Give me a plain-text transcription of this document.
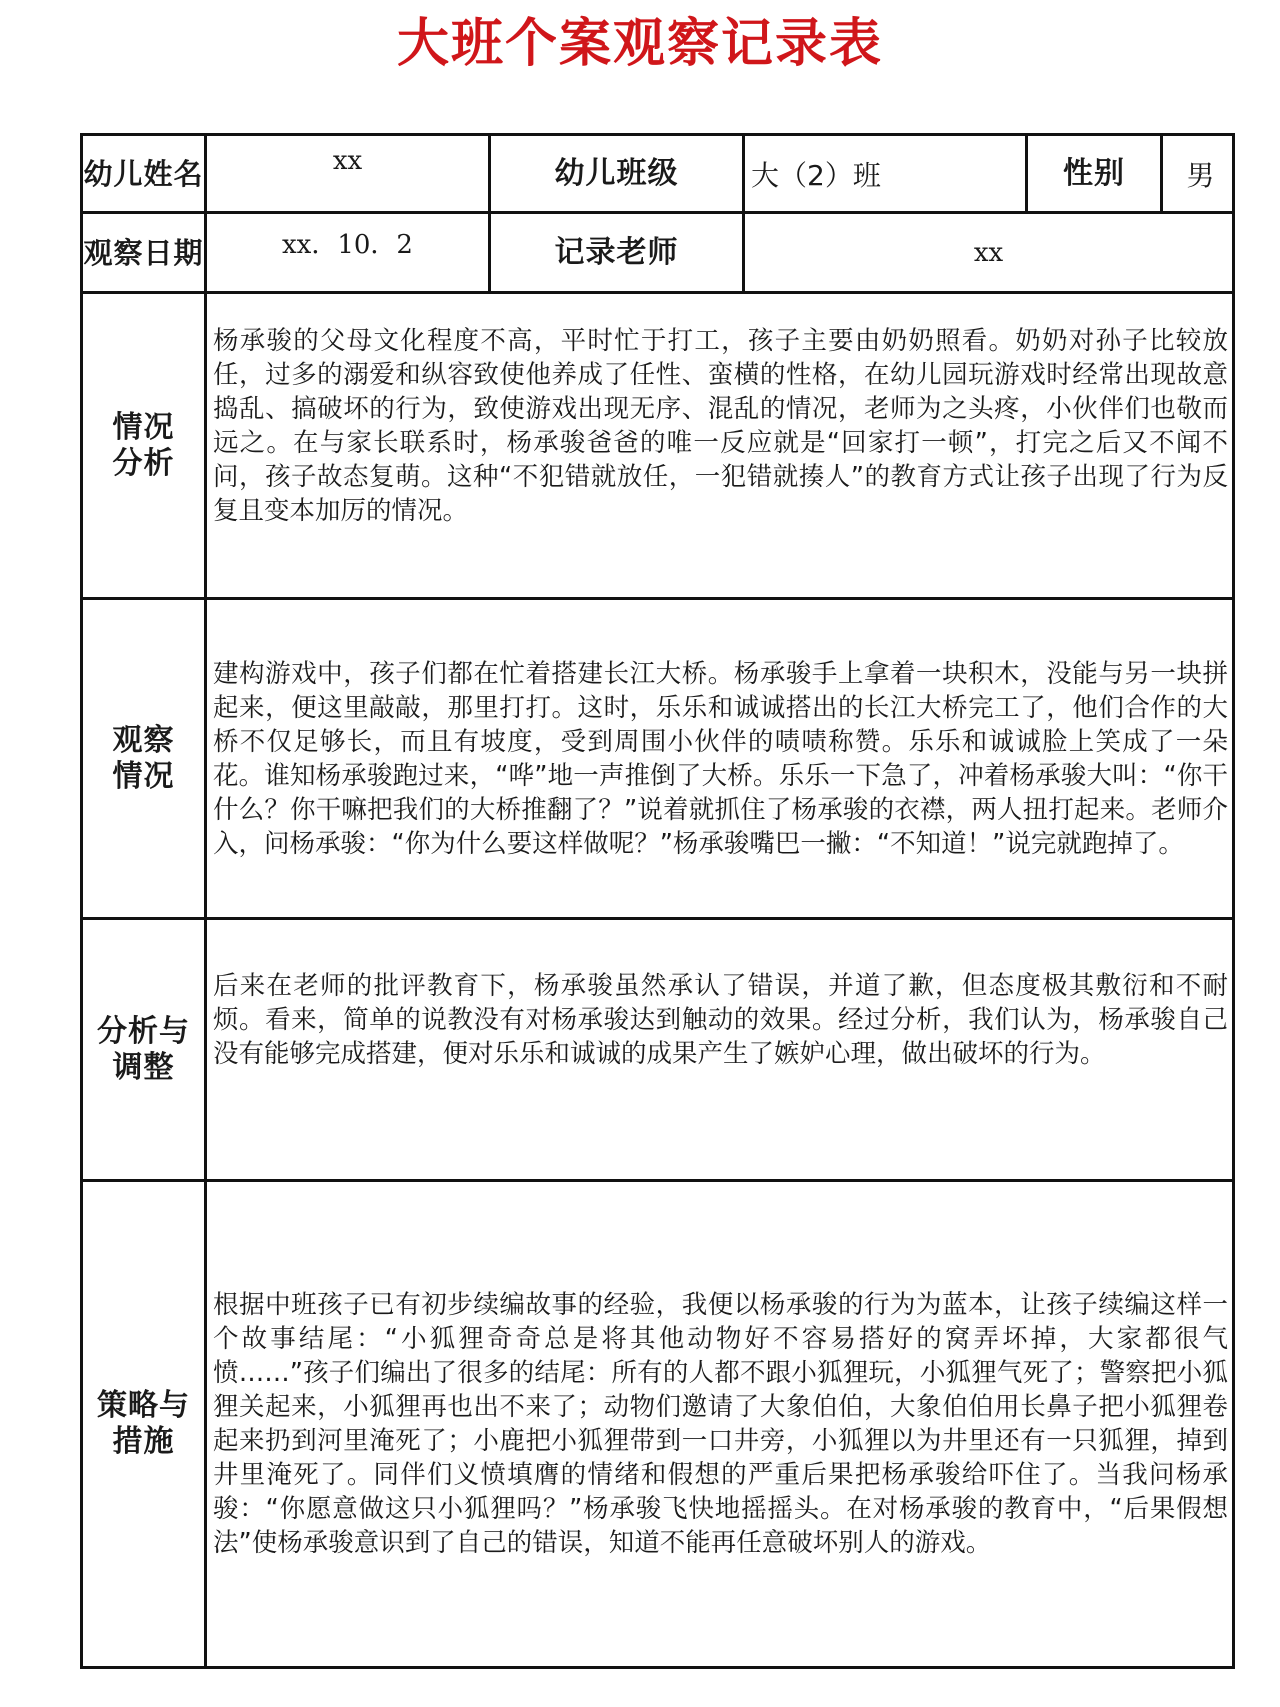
大班个案观察记录表
幼儿姓名	xx	幼儿班级	大（2）班	性别	男
观察日期	xx．10．2	记录老师	xx		

情况
分析	杨承骏的父母文化程度不高，平时忙于打工，孩子主要由奶奶照看。奶奶对孙子比较放任，过多的溺爱和纵容致使他养成了任性、蛮横的性格，在幼儿园玩游戏时经常出现故意捣乱、搞破坏的行为，致使游戏出现无序、混乱的情况，老师为之头疼，小伙伴们也敬而远之。在与家长联系时，杨承骏爸爸的唯一反应就是“回家打一顿”，打完之后又不闻不问，孩子故态复萌。这种“不犯错就放任，一犯错就揍人”的教育方式让孩子出现了行为反复且变本加厉的情况。				

观察
情况	建构游戏中，孩子们都在忙着搭建长江大桥。杨承骏手上拿着一块积木，没能与另一块拼起来，便这里敲敲，那里打打。这时，乐乐和诚诚搭出的长江大桥完工了，他们合作的大桥不仅足够长，而且有坡度，受到周围小伙伴的啧啧称赞。乐乐和诚诚脸上笑成了一朵花。谁知杨承骏跑过来，“哗”地一声推倒了大桥。乐乐一下急了，冲着杨承骏大叫：“你干什么？你干嘛把我们的大桥推翻了？”说着就抓住了杨承骏的衣襟，两人扭打起来。老师介入，问杨承骏：“你为什么要这样做呢？”杨承骏嘴巴一撇：“不知道！”说完就跑掉了。				

分析与
调整	后来在老师的批评教育下，杨承骏虽然承认了错误，并道了歉，但态度极其敷衍和不耐烦。看来，简单的说教没有对杨承骏达到触动的效果。经过分析，我们认为，杨承骏自己没有能够完成搭建，便对乐乐和诚诚的成果产生了嫉妒心理，做出破坏的行为。				

策略与
措施	根据中班孩子已有初步续编故事的经验，我便以杨承骏的行为为蓝本，让孩子续编这样一个故事结尾：“小狐狸奇奇总是将其他动物好不容易搭好的窝弄坏掉，大家都很气愤……”孩子们编出了很多的结尾：所有的人都不跟小狐狸玩，小狐狸气死了；警察把小狐狸关起来，小狐狸再也出不来了；动物们邀请了大象伯伯，大象伯伯用长鼻子把小狐狸卷起来扔到河里淹死了；小鹿把小狐狸带到一口井旁，小狐狸以为井里还有一只狐狸，掉到井里淹死了。同伴们义愤填膺的情绪和假想的严重后果把杨承骏给吓住了。当我问杨承骏：“你愿意做这只小狐狸吗？”杨承骏飞快地摇摇头。在对杨承骏的教育中，“后果假想法”使杨承骏意识到了自己的错误，知道不能再任意破坏别人的游戏。				
